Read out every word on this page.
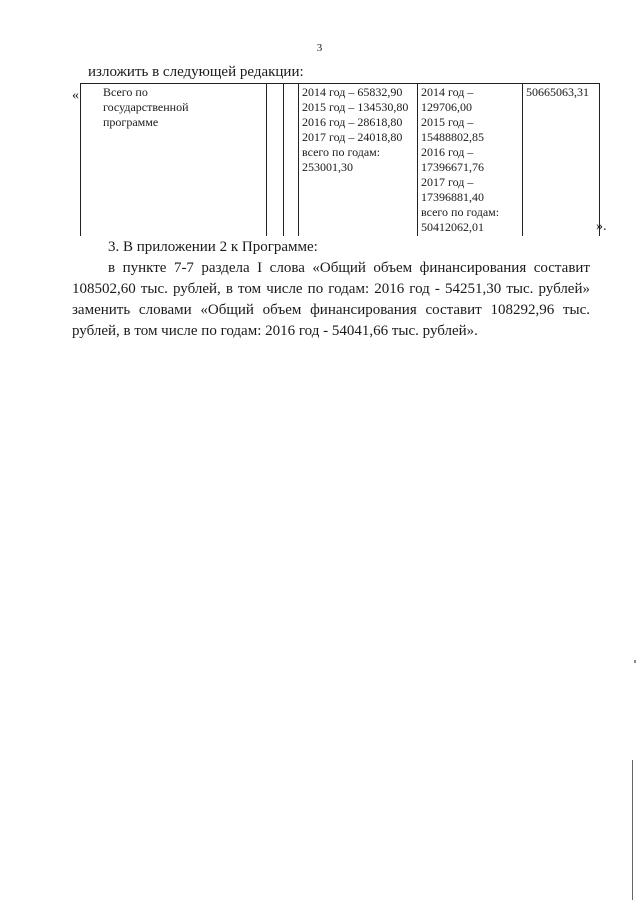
3
изложить в следующей редакции:
« Всего по
государственной
программе

2014 год – 65832,90
2015 год – 134530,80
2016 год – 28618,80
2017 год – 24018,80
всего по годам:
253001,30

2014 год –
129706,00
2015 год –
15488802,85
2016 год –
17396671,76
2017 год –
17396881,40
всего по годам:
50412062,01

50665063,31
».
3. В приложении 2 к Программе:
в пункте 7-7 раздела I слова «Общий объем финансирования составит 108502,60 тыс. рублей, в том числе по годам: 2016 год - 54251,30 тыс. рублей» заменить словами «Общий объем финансирования составит 108292,96 тыс. рублей, в том числе по годам: 2016 год - 54041,66 тыс. рублей».
